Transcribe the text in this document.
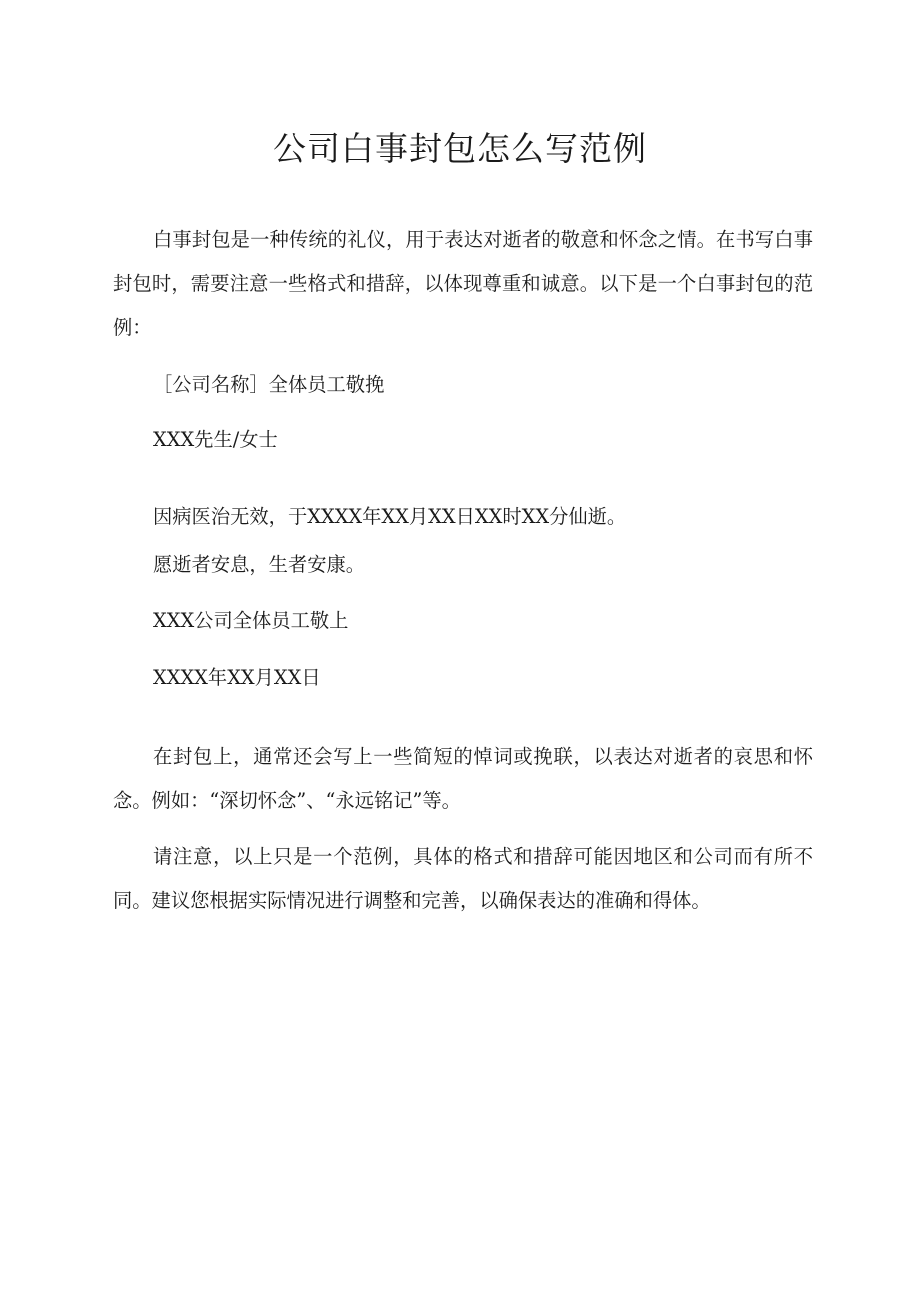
公司白事封包怎么写范例

白事封包是一种传统的礼仪，用于表达对逝者的敬意和怀念之情。在书写白事封包时，需要注意一些格式和措辞，以体现尊重和诚意。以下是一个白事封包的范例：

［公司名称］全体员工敬挽

XXX先生/女士

因病医治无效，于XXXX年XX月XX日XX时XX分仙逝。

愿逝者安息，生者安康。

XXX公司全体员工敬上

XXXX年XX月XX日

在封包上，通常还会写上一些简短的悼词或挽联，以表达对逝者的哀思和怀念。例如：“深切怀念”、“永远铭记”等。

请注意，以上只是一个范例，具体的格式和措辞可能因地区和公司而有所不同。建议您根据实际情况进行调整和完善，以确保表达的准确和得体。
